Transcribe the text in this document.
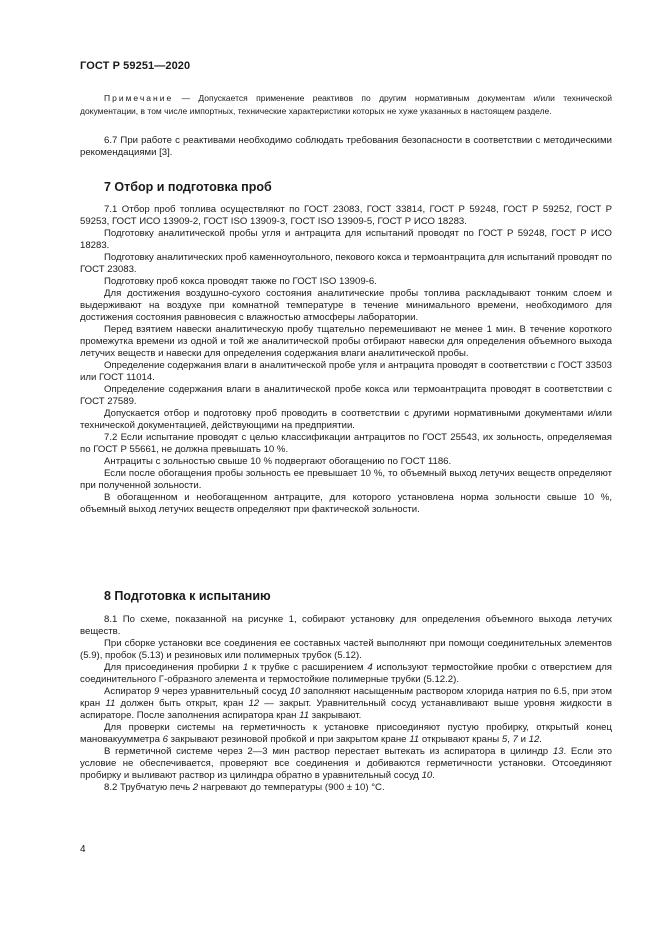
ГОСТ Р 59251—2020

Примечание — Допускается применение реактивов по другим нормативным документам и/или технической документации, в том числе импортных, технические характеристики которых не хуже указанных в настоящем разделе.

6.7 При работе с реактивами необходимо соблюдать требования безопасности в соответствии с методическими рекомендациями [3].

7 Отбор и подготовка проб

7.1 Отбор проб топлива осуществляют по ГОСТ 23083, ГОСТ 33814, ГОСТ Р 59248, ГОСТ Р 59252, ГОСТ Р 59253, ГОСТ ИСО 13909-2, ГОСТ ISO 13909-3, ГОСТ ISO 13909-5, ГОСТ Р ИСО 18283.

Подготовку аналитической пробы угля и антрацита для испытаний проводят по ГОСТ Р 59248, ГОСТ Р ИСО 18283.

Подготовку аналитических проб каменноугольного, пекового кокса и термоантрацита для испытаний проводят по ГОСТ 23083.

Подготовку проб кокса проводят также по ГОСТ ISO 13909-6.

Для достижения воздушно-сухого состояния аналитические пробы топлива раскладывают тонким слоем и выдерживают на воздухе при комнатной температуре в течение минимального времени, необходимого для достижения состояния равновесия с влажностью атмосферы лаборатории.

Перед взятием навески аналитическую пробу тщательно перемешивают не менее 1 мин. В течение короткого промежутка времени из одной и той же аналитической пробы отбирают навески для определения объемного выхода летучих веществ и навески для определения содержания влаги аналитической пробы.

Определение содержания влаги в аналитической пробе угля и антрацита проводят в соответствии с ГОСТ 33503 или ГОСТ 11014.

Определение содержания влаги в аналитической пробе кокса или термоантрацита проводят в соответствии с ГОСТ 27589.

Допускается отбор и подготовку проб проводить в соответствии с другими нормативными документами и/или технической документацией, действующими на предприятии.

7.2 Если испытание проводят с целью классификации антрацитов по ГОСТ 25543, их зольность, определяемая по ГОСТ Р 55661, не должна превышать 10 %.

Антрациты с зольностью свыше 10 % подвергают обогащению по ГОСТ 1186.

Если после обогащения пробы зольность ее превышает 10 %, то объемный выход летучих веществ определяют при полученной зольности.

В обогащенном и необогащенном антраците, для которого установлена норма зольности свыше 10 %, объемный выход летучих веществ определяют при фактической зольности.

8 Подготовка к испытанию

8.1 По схеме, показанной на рисунке 1, собирают установку для определения объемного выхода летучих веществ.

При сборке установки все соединения ее составных частей выполняют при помощи соединительных элементов (5.9), пробок (5.13) и резиновых или полимерных трубок (5.12).

Для присоединения пробирки 1 к трубке с расширением 4 используют термостойкие пробки с отверстием для соединительного Г-образного элемента и термостойкие полимерные трубки (5.12.2).

Аспиратор 9 через уравнительный сосуд 10 заполняют насыщенным раствором хлорида натрия по 6.5, при этом кран 11 должен быть открыт, кран 12 — закрыт. Уравнительный сосуд устанавливают выше уровня жидкости в аспираторе. После заполнения аспиратора кран 11 закрывают.

Для проверки системы на герметичность к установке присоединяют пустую пробирку, открытый конец мановакуумметра 6 закрывают резиновой пробкой и при закрытом кране 11 открывают краны 5, 7 и 12.

В герметичной системе через 2—3 мин раствор перестает вытекать из аспиратора в цилиндр 13. Если это условие не обеспечивается, проверяют все соединения и добиваются герметичности установки. Отсоединяют пробирку и выливают раствор из цилиндра обратно в уравнительный сосуд 10.

8.2 Трубчатую печь 2 нагревают до температуры (900 ± 10) °С.

4
